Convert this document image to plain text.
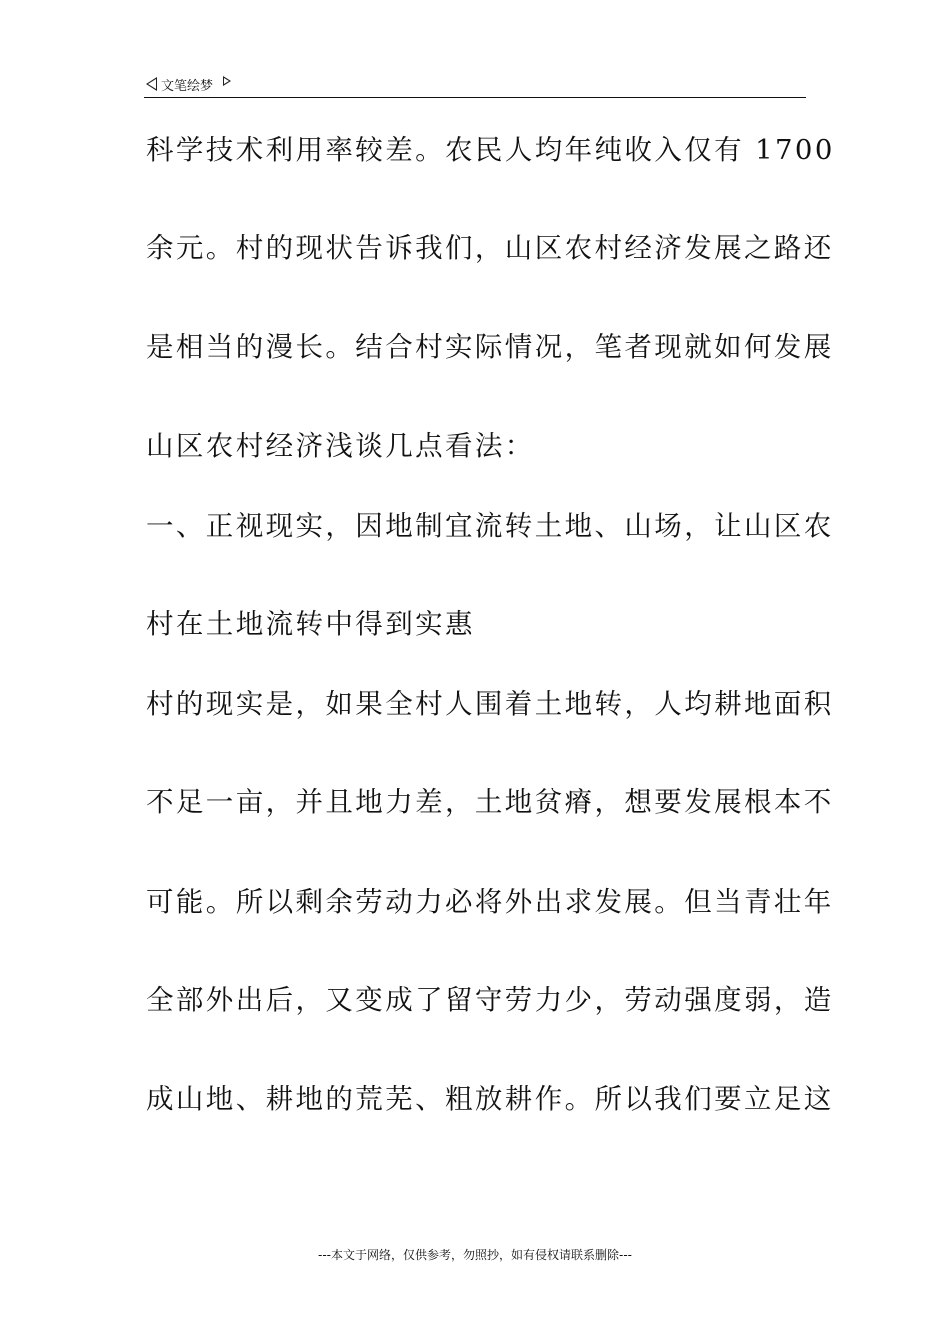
文笔绘梦
科学技术利用率较差。农民人均年纯收入仅有 1700
余元。村的现状告诉我们，山区农村经济发展之路还
是相当的漫长。结合村实际情况，笔者现就如何发展
山区农村经济浅谈几点看法：
一、正视现实，因地制宜流转土地、山场，让山区农
村在土地流转中得到实惠
村的现实是，如果全村人围着土地转，人均耕地面积
不足一亩，并且地力差，土地贫瘠，想要发展根本不
可能。所以剩余劳动力必将外出求发展。但当青壮年
全部外出后，又变成了留守劳力少，劳动强度弱，造
成山地、耕地的荒芜、粗放耕作。所以我们要立足这
---本文于网络，仅供参考，勿照抄，如有侵权请联系删除---
